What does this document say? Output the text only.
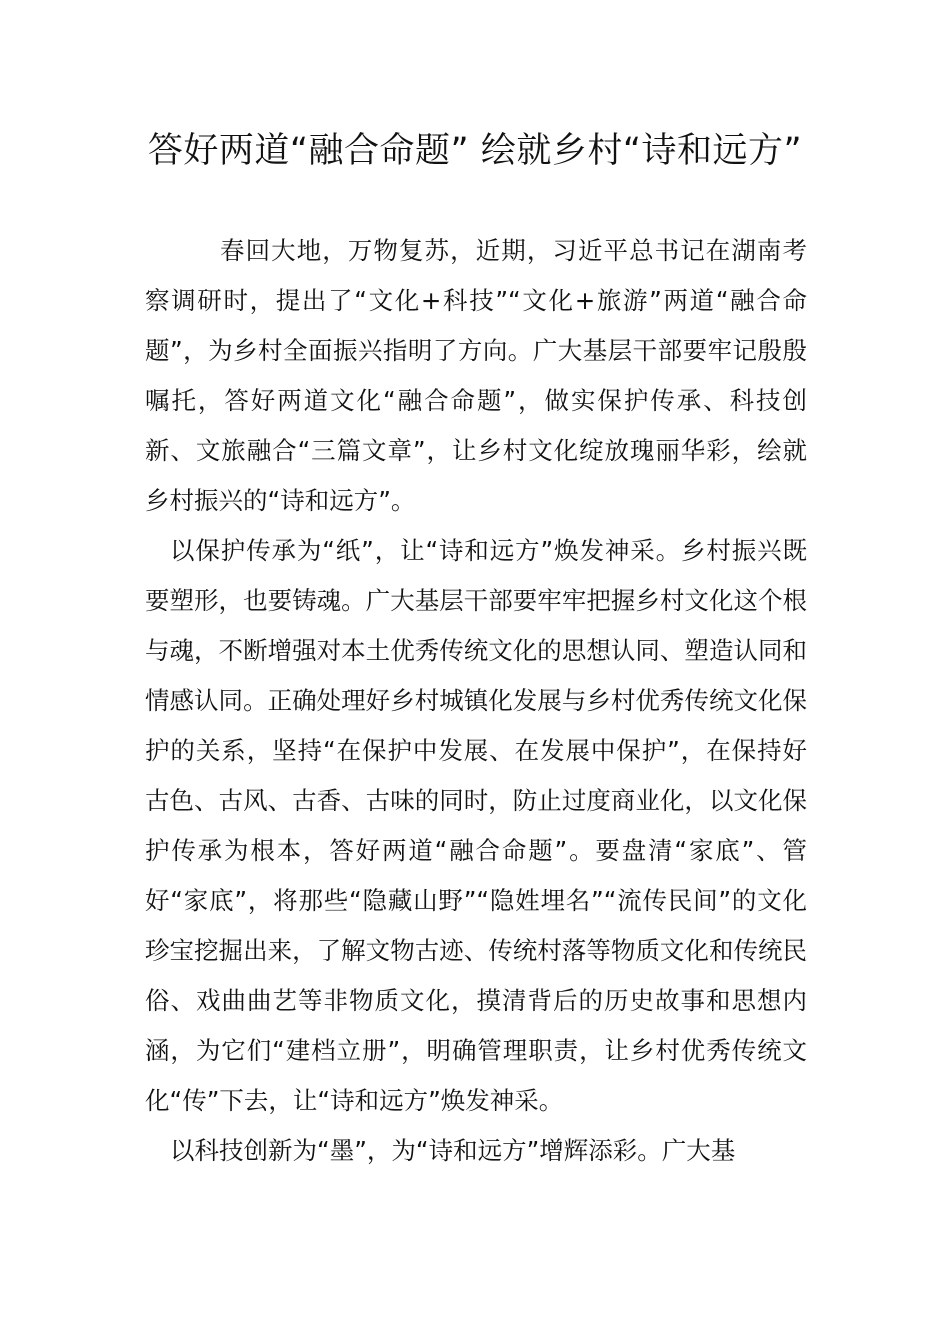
答好两道“融合命题” 绘就乡村“诗和远方”

春回大地，万物复苏，近期，习近平总书记在湖南考察调研时，提出了“文化+科技”“文化+旅游”两道“融合命题”，为乡村全面振兴指明了方向。广大基层干部要牢记殷殷嘱托，答好两道文化“融合命题”，做实保护传承、科技创新、文旅融合“三篇文章”，让乡村文化绽放瑰丽华彩，绘就乡村振兴的“诗和远方”。

以保护传承为“纸”，让“诗和远方”焕发神采。乡村振兴既要塑形，也要铸魂。广大基层干部要牢牢把握乡村文化这个根与魂，不断增强对本土优秀传统文化的思想认同、塑造认同和情感认同。正确处理好乡村城镇化发展与乡村优秀传统文化保护的关系，坚持“在保护中发展、在发展中保护”，在保持好古色、古风、古香、古味的同时，防止过度商业化，以文化保护传承为根本，答好两道“融合命题”。要盘清“家底”、管好“家底”，将那些“隐藏山野”“隐姓埋名”“流传民间”的文化珍宝挖掘出来，了解文物古迹、传统村落等物质文化和传统民俗、戏曲曲艺等非物质文化，摸清背后的历史故事和思想内涵，为它们“建档立册”，明确管理职责，让乡村优秀传统文化“传”下去，让“诗和远方”焕发神采。

以科技创新为“墨”，为“诗和远方”增辉添彩。广大基
